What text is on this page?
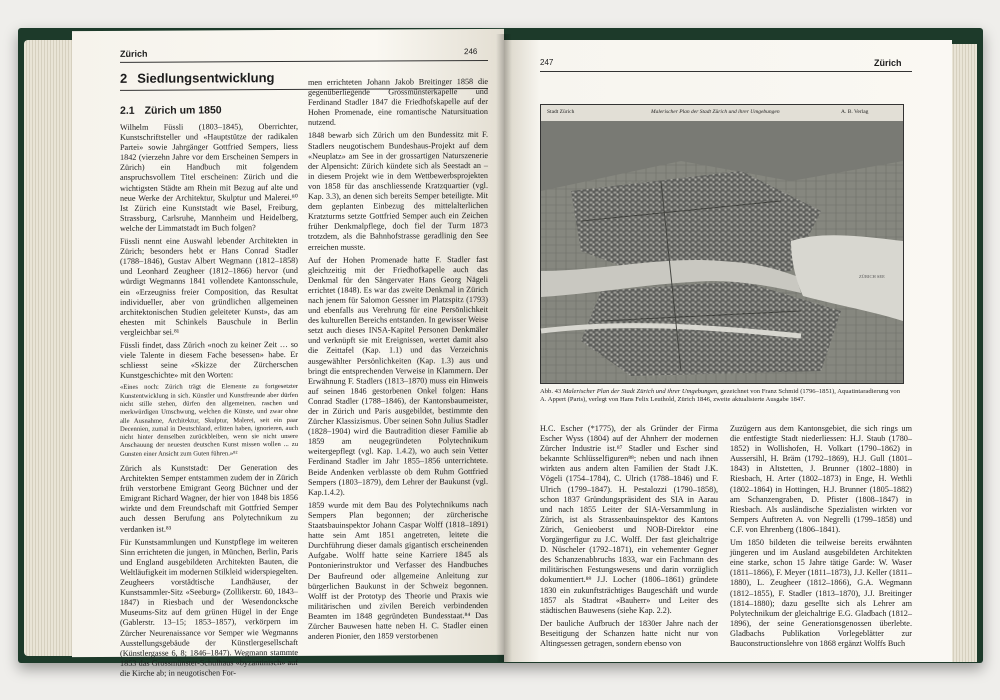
Zürich	246
2 Siedlungsentwicklung
2.1 Zürich um 1850

Wilhelm Füssli (1803–1845), Oberrichter, Kunstschriftsteller und «Hauptstütze der radikalen Partei» sowie Jahrgänger Gottfried Sempers, liess 1842 (vierzehn Jahre vor dem Erscheinen Sempers in Zürich) ein Handbuch mit folgendem anspruchsvollem Titel erscheinen: Zürich und die wichtigsten Städte am Rhein mit Bezug auf alte und neue Werke der Architektur, Skulptur und Malerei.⁸⁰ Ist Zürich eine Kunststadt wie Basel, Freiburg, Strassburg, Carlsruhe, Mannheim und Heidelberg, welche der Limmatstadt im Buch folgen?

Füssli nennt eine Auswahl lebender Architekten in Zürich; besonders hebt er Hans Conrad Stadler (1788–1846), Gustav Albert Wegmann (1812–1858) und Leonhard Zeugheer (1812–1866) hervor (und würdigt Wegmanns 1841 vollendete Kantonsschule, ein «Erzeugniss freier Composition, das Resultat individueller, aber von gründlichen allgemeinen architektonischen Studien geleiteter Kunst», das am ehesten mit Schinkels Bauschule in Berlin vergleichbar sei.⁸¹

Füssli findet, dass Zürich «noch zu keiner Zeit … so viele Talente in diesem Fache besessen» habe. Er schliesst seine «Skizze der Zürcherschen Kunstgeschichte» mit den Worten:

«Eines noch: Zürich trägt die Elemente zu fortgesetzter Kunstentwicklung in sich. Künstler und Kunstfreunde aber dürfen nicht stille stehen, dürfen den allgemeinen, raschen und merkwürdigen Umschwung, welchen die Künste, und zwar ohne alle Ausnahme, Architektur, Skulptur, Malerei, seit ein paar Decennien, zumal in Deutschland, erlitten haben, ignorieren, auch nicht hinter demselben zurückbleiben, wenn sie nicht unsere Anschauung der neuesten deutschen Kunst missen wollen ... zu Gunsten einer Ansicht zum Guten führen.»⁸²

Zürich als Kunststadt: Der Generation des Architekten Semper entstammen zudem der in Zürich früh verstorbene Emigrant Georg Büchner und der Emigrant Richard Wagner, der hier von 1848 bis 1856 wirkte und dem Freundschaft mit Gottfried Semper auch dessen Berufung ans Polytechnikum zu verdanken ist.⁸³

Für Kunstsammlungen und Kunstpflege im weiteren Sinn errichteten die jungen, in München, Berlin, Paris und England ausgebildeten Architekten Bauten, die Weltläufigkeit im modernen Stilkleid widerspiegelten. Zeugheers vorstädtische Landhäuser, der Kunstsammler-Sitz «Seeburg» (Zollikerstr. 60, 1843–1847) in Riesbach und der Wesendoncksche Museums-Sitz auf dem grünen Hügel in der Enge (Gablerstr. 13–15; 1853–1857), verkörpern im Zürcher Neurenaissance vor Semper wie Wegmanns Ausstellungsgebäude der Künstlergesellschaft (Künstlergasse 6, 8; 1846–1847). Wegmann stammte 1853 das Grossmünster-Schulhaus «byzantinisch» auf die Kirche ab; in neugotischen For-

men errichteten Johann Jakob Breitinger 1858 die gegenüberliegende Grossmünsterkapelle und Ferdinand Stadler 1847 die Friedhofskapelle auf der Hohen Promenade, eine romantische Natursituation nutzend.

1848 bewarb sich Zürich um den Bundessitz mit F. Stadlers neugotischem Bundeshaus-Projekt auf dem «Neuplatz» am See in der grossartigen Naturszenerie der Alpensicht: Zürich kündete sich als Seestadt an – in diesem Projekt wie in dem Wettbewerbsprojekten von 1858 für das anschliessende Kratzquartier (vgl. Kap. 3.3), an denen sich bereits Semper beteiligte. Mit dem geplanten Einbezug des mittelalterlichen Kratzturms setzte Gottfried Semper auch ein Zeichen früher Denkmalpflege, doch fiel der Turm 1873 trotzdem, als die Bahnhofstrasse geradlinig den See erreichen musste.

Auf der Hohen Promenade hatte F. Stadler fast gleichzeitig mit der Friedhofkapelle auch das Denkmal für den Sängervater Hans Georg Nägeli errichtet (1848). Es war das zweite Denkmal in Zürich nach jenem für Salomon Gessner im Platzspitz (1793) und ebenfalls aus Verehrung für eine Persönlichkeit des kulturellen Bereichs entstanden. In gewisser Weise setzt auch dieses INSA-Kapitel Personen Denkmäler und verknüpft sie mit Ereignissen, wertet damit also die Zeittafel (Kap. 1.1) und das Verzeichnis ausgewählter Persönlichkeiten (Kap. 1.3) aus und bringt die entsprechenden Verweise in Klammern. Der Erwähnung F. Stadlers (1813–1870) muss ein Hinweis auf seinen 1846 gestorbenen Onkel folgen: Hans Conrad Stadler (1788–1846), der Kantonsbaumeister, der in Zürich und Paris ausgebildet, bestimmte den Zürcher Klassizismus. Über seinen Sohn Julius Stadler (1828–1904) wird die Bautradition dieser Familie ab 1859 am neugegründeten Polytechnikum weitergepflegt (vgl. Kap. 1.4.2), wo auch sein Vetter Ferdinand Stadler im Jahr 1855–1856 unterrichtete. Beide Andenken verblasste ob dem Ruhm Gottfried Sempers (1803–1879), dem Lehrer der Baukunst (vgl. Kap.1.4.2).

1859 wurde mit dem Bau des Polytechnikums nach Sempers Plan begonnen; der zürcherische Staatsbauinspektor Johann Caspar Wolff (1818–1891) hatte sein Amt 1851 angetreten, leitete die Durchführung dieser damals gigantisch erscheinenden Aufgabe. Wolff hatte seine Karriere 1845 als Pontonierinstruktor und Verfasser des Handbuches Der Baufreund oder allgemeine Anleitung zur bürgerlichen Baukunst in der Schweiz begonnen. Wolff ist der Prototyp des Theorie und Praxis wie militärischen und zivilen Bereich verbindenden Beamten im 1848 gegründeten Bundesstaat.⁸⁴ Das Zürcher Bauwesen hatte neben H. C. Stadler einen anderen Pionier, den 1859 verstorbenen

247	Zürich
Stadt Zürich	Malerischer Plan der Stadt Zürich und ihrer Umgebungen	A. B. Verlag
ZÜRICH SEE
Abb. 43 Malerischer Plan der Stadt Zürich und ihrer Umgebungen, gezeichnet von Franz Schmid (1796–1851), Aquatintaradierung von A. Appert (Paris), verlegt von Hans Felix Leuthold, Zürich 1846, zweite aktualisierte Ausgabe 1847.

H.C. Escher (*1775), der als Gründer der Firma Escher Wyss (1804) auf der Ahnherr der modernen Zürcher Industrie ist.⁸⁷ Stadler und Escher sind bekannte Schlüsselfiguren⁸⁸; neben und nach ihnen wirkten aus andern alten Familien der Stadt J.K. Vögeli (1754–1784), C. Ulrich (1788–1846) und F. Ulrich (1799–1847). H. Pestalozzi (1790–1858), schon 1837 Gründungspräsident des SIA in Aarau und nach 1855 Leiter der SIA-Versammlung in Zürich, ist als Strassenbauinspektor des Kantons Zürich, Genieoberst und NOB-Direktor eine Vorgängerfigur zu J.C. Wolff. Der fast gleichaltrige D. Nüscheler (1792–1871), ein vehementer Gegner des Schanzenabbruchs 1833, war ein Fachmann des militärischen Festungswesens und darin vorzüglich dokumentiert.⁸⁹ J.J. Locher (1806–1861) gründete 1830 ein zukunftsträchtiges Baugeschäft und wurde 1857 als Stadtrat «Bauherr» und Leiter des städtischen Bauwesens (siehe Kap. 2.2).

Der bauliche Aufbruch der 1830er Jahre nach der Beseitigung der Schanzen hatte nicht nur von Altingsessen getragen, sondern ebenso von

Zuzügern aus dem Kantonsgebiet, die sich rings um die entfestigte Stadt niederliessen: H.J. Staub (1780–1852) in Wollishofen, H. Volkart (1790–1862) in Aussersihl, H. Bräm (1792–1869), H.J. Gull (1801–1843) in Altstetten, J. Brunner (1802–1880) in Riesbach, H. Arter (1802–1873) in Enge, H. Wethli (1802–1864) in Hottingen, H.J. Brunner (1805–1882) am Schanzengraben, D. Pfister (1808–1847) in Riesbach. Als ausländische Spezialisten wirkten vor Sempers Auftreten A. von Negrelli (1799–1858) und C.F. von Ehrenberg (1806–1841).

Um 1850 bildeten die teilweise bereits erwähnten jüngeren und im Ausland ausgebildeten Architekten eine starke, schon 15 Jahre tätige Garde: W. Waser (1811–1866), F. Meyer (1811–1873), J.J. Keller (1811–1880), L. Zeugheer (1812–1866), G.A. Wegmann (1812–1855), F. Stadler (1813–1870), J.J. Breitinger (1814–1880); dazu gesellte sich als Lehrer am Polytechnikum der gleichaltrige E.G. Gladbach (1812–1896), der seine Generationsgenossen überlebte. Gladbachs Publikation Vorlegeblätter zur Bauconstructionslehre von 1868 ergänzt Wolffs Buch
